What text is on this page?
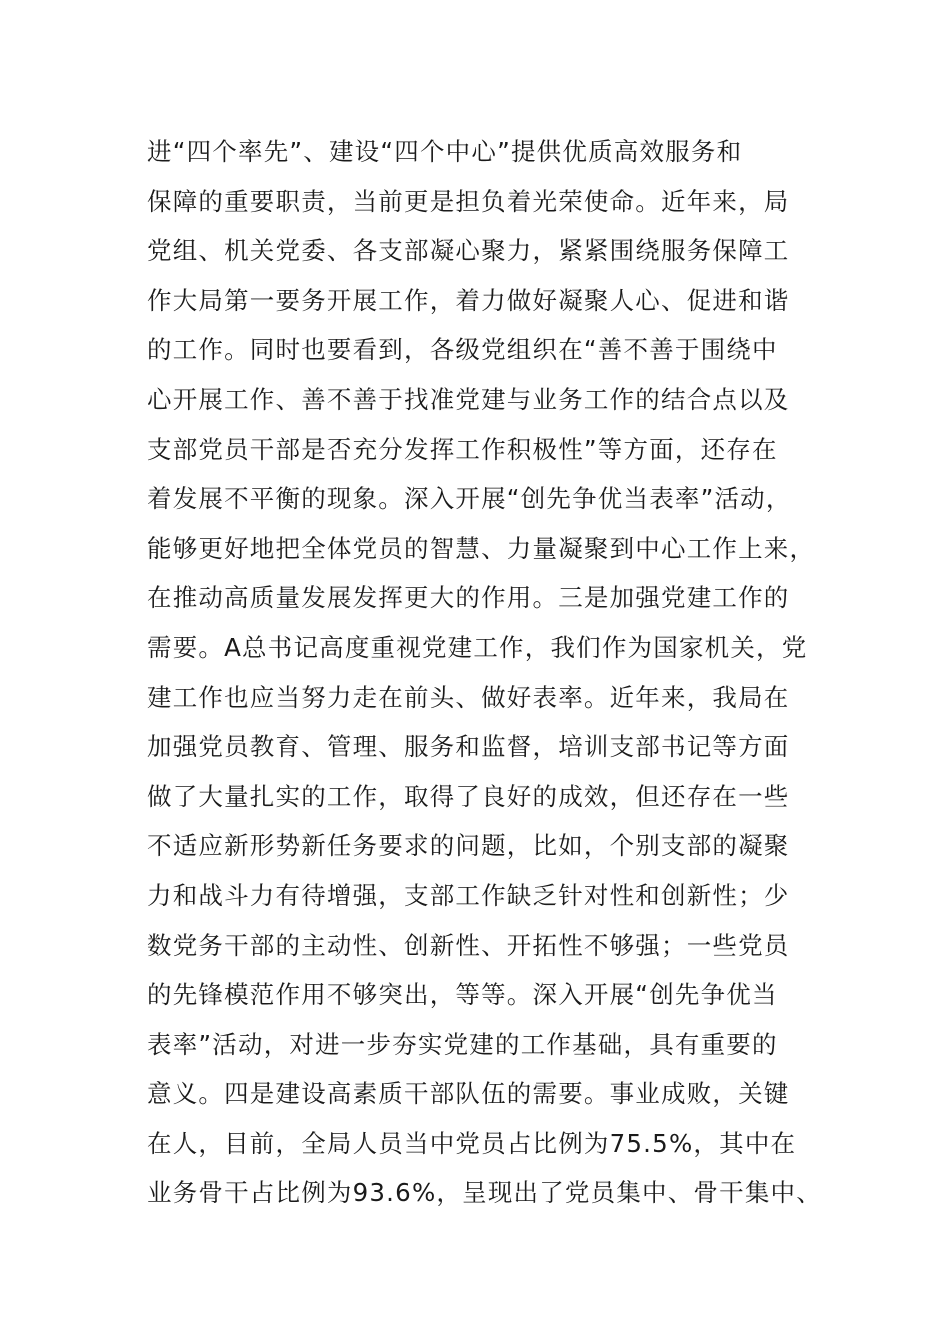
进“四个率先”、建设“四个中心”提供优质高效服务和
保障的重要职责，当前更是担负着光荣使命。近年来，局
党组、机关党委、各支部凝心聚力，紧紧围绕服务保障工
作大局第一要务开展工作，着力做好凝聚人心、促进和谐
的工作。同时也要看到，各级党组织在“善不善于围绕中
心开展工作、善不善于找准党建与业务工作的结合点以及
支部党员干部是否充分发挥工作积极性”等方面，还存在
着发展不平衡的现象。深入开展“创先争优当表率”活动，
能够更好地把全体党员的智慧、力量凝聚到中心工作上来，
在推动高质量发展发挥更大的作用。三是加强党建工作的
需要。A总书记高度重视党建工作，我们作为国家机关，党
建工作也应当努力走在前头、做好表率。近年来，我局在
加强党员教育、管理、服务和监督，培训支部书记等方面
做了大量扎实的工作，取得了良好的成效，但还存在一些
不适应新形势新任务要求的问题，比如，个别支部的凝聚
力和战斗力有待增强，支部工作缺乏针对性和创新性；少
数党务干部的主动性、创新性、开拓性不够强；一些党员
的先锋模范作用不够突出，等等。深入开展“创先争优当
表率”活动，对进一步夯实党建的工作基础，具有重要的
意义。四是建设高素质干部队伍的需要。事业成败，关键
在人，目前，全局人员当中党员占比例为75.5%，其中在
业务骨干占比例为93.6%，呈现出了党员集中、骨干集中、
